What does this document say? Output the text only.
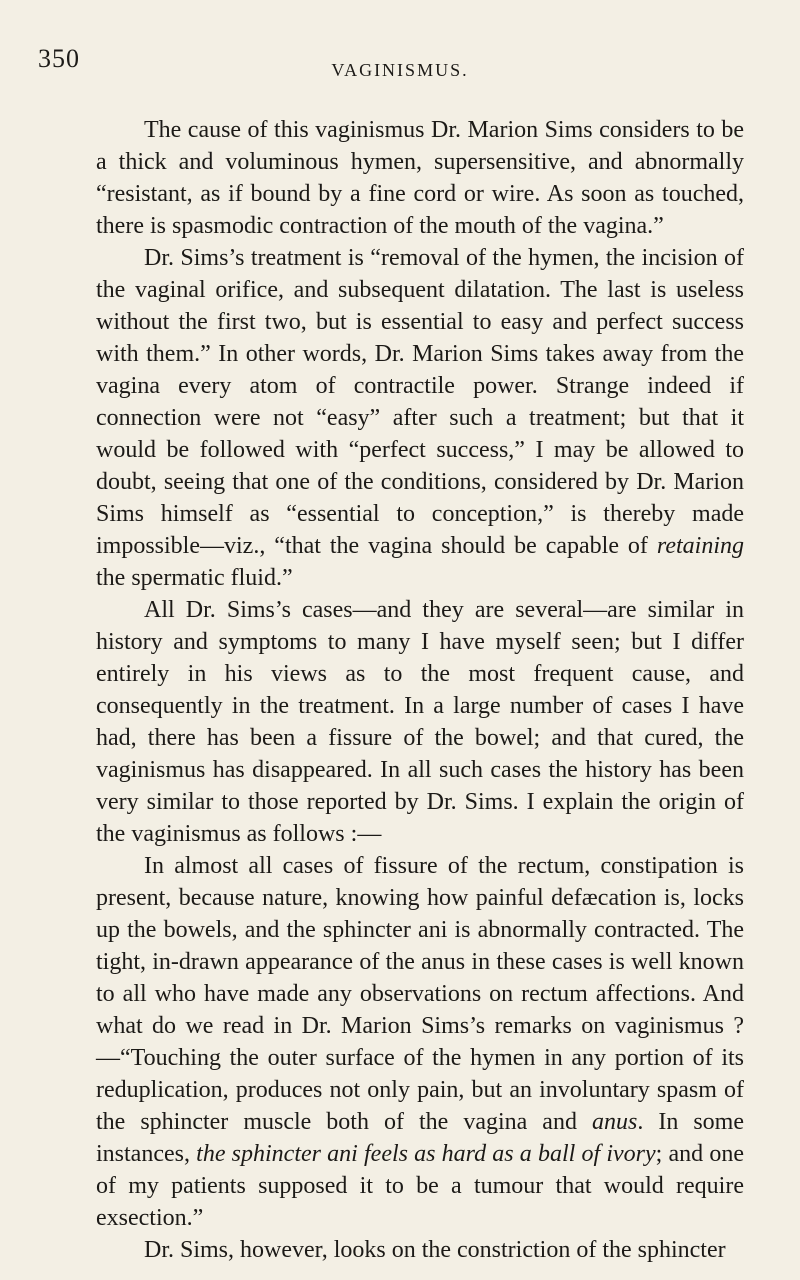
350	VAGINISMUS.

The cause of this vaginismus Dr. Marion Sims considers to be a thick and voluminous hymen, supersensitive, and abnormally “resistant, as if bound by a fine cord or wire. As soon as touched, there is spasmodic contraction of the mouth of the vagina.”

Dr. Sims’s treatment is “removal of the hymen, the incision of the vaginal orifice, and subsequent dilatation. The last is useless without the first two, but is essential to easy and perfect success with them.” In other words, Dr. Marion Sims takes away from the vagina every atom of contractile power. Strange indeed if connection were not “easy” after such a treatment; but that it would be followed with “perfect success,” I may be allowed to doubt, seeing that one of the conditions, considered by Dr. Marion Sims himself as “essential to conception,” is thereby made impossible—viz., “that the vagina should be capable of retaining the spermatic fluid.”

All Dr. Sims’s cases—and they are several—are similar in history and symptoms to many I have myself seen; but I differ entirely in his views as to the most frequent cause, and consequently in the treatment. In a large number of cases I have had, there has been a fissure of the bowel; and that cured, the vaginismus has disappeared. In all such cases the history has been very similar to those reported by Dr. Sims. I explain the origin of the vaginismus as follows :—

In almost all cases of fissure of the rectum, constipation is present, because nature, knowing how painful defæcation is, locks up the bowels, and the sphincter ani is abnormally contracted. The tight, in-drawn appearance of the anus in these cases is well known to all who have made any observations on rectum affections. And what do we read in Dr. Marion Sims’s remarks on vaginismus ?—“Touching the outer surface of the hymen in any portion of its reduplication, produces not only pain, but an involuntary spasm of the sphincter muscle both of the vagina and anus. In some instances, the sphincter ani feels as hard as a ball of ivory; and one of my patients supposed it to be a tumour that would require exsection.”

Dr. Sims, however, looks on the constriction of the sphincter
